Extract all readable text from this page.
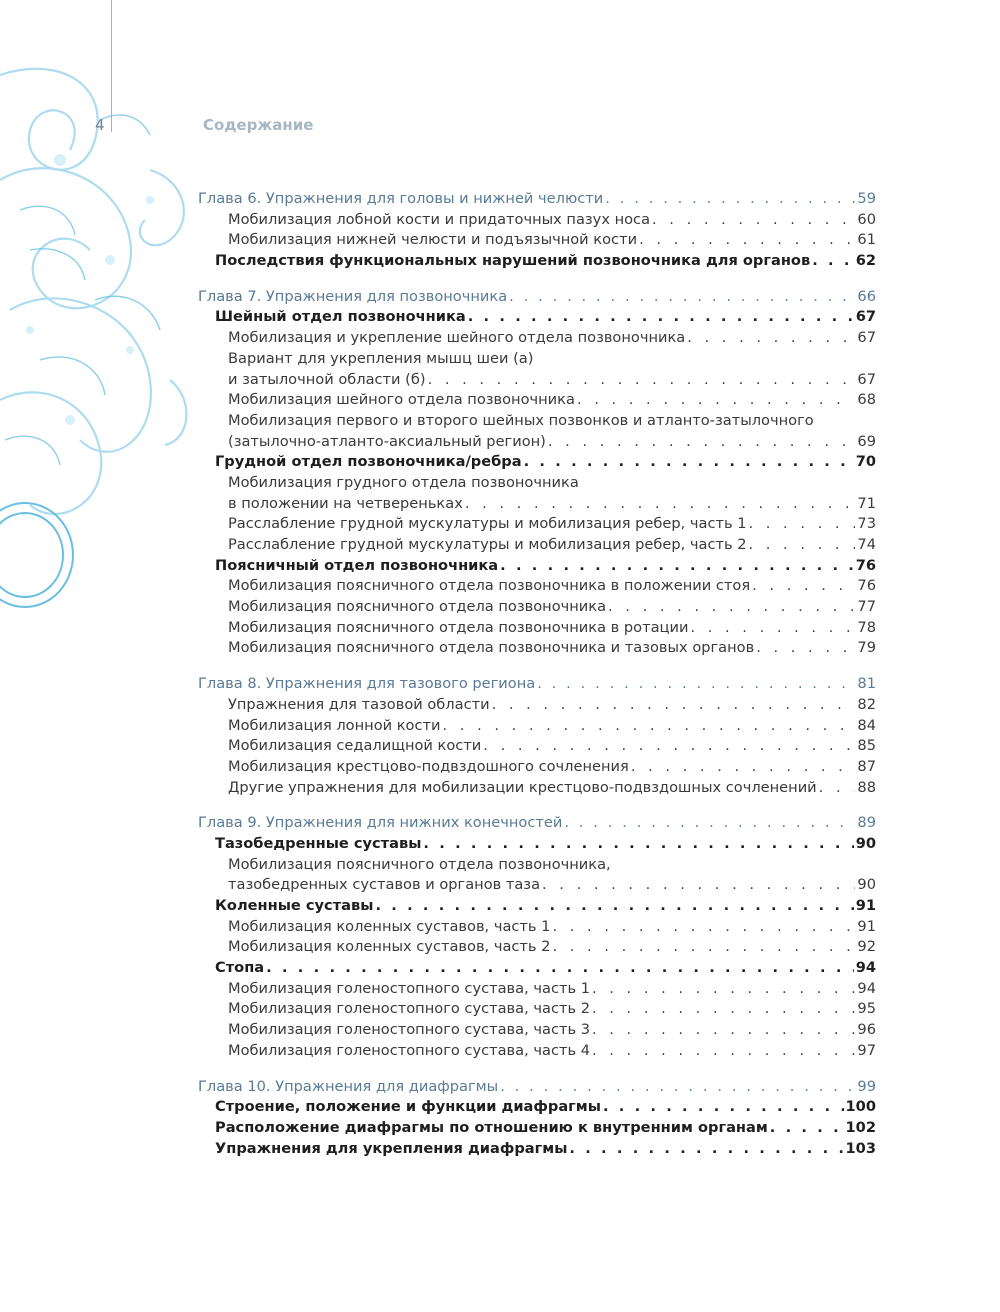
4	Содержание
Глава 6. Упражнения для головы и нижней челюсти . . .	59
Мобилизация лобной кости и придаточных пазух носа . . .	60
Мобилизация нижней челюсти и подъязычной кости . . .	61
Последствия функциональных нарушений позвоночника для органов . . .	62
Глава 7. Упражнения для позвоночника . . .	66
Шейный отдел позвоночника . . .	67
Мобилизация и укрепление шейного отдела позвоночника . . .	67
Вариант для укрепления мышц шеи (а)
и затылочной области (б) . . .	67
Мобилизация шейного отдела позвоночника . . .	68
Мобилизация первого и второго шейных позвонков и атланто-затылочного
(затылочно-атланто-аксиальный регион) . . .	69
Грудной отдел позвоночника/ребра . . .	70
Мобилизация грудного отдела позвоночника
в положении на четвереньках . . .	71
Расслабление грудной мускулатуры и мобилизация ребер, часть 1 . . .	73
Расслабление грудной мускулатуры и мобилизация ребер, часть 2 . . .	74
Поясничный отдел позвоночника . . .	76
Мобилизация поясничного отдела позвоночника в положении стоя . . .	76
Мобилизация поясничного отдела позвоночника . . .	77
Мобилизация поясничного отдела позвоночника в ротации . . .	78
Мобилизация поясничного отдела позвоночника и тазовых органов . . .	79
Глава 8. Упражнения для тазового региона . . .	81
Упражнения для тазовой области . . .	82
Мобилизация лонной кости . . .	84
Мобилизация седалищной кости . . .	85
Мобилизация крестцово-подвздошного сочленения . . .	87
Другие упражнения для мобилизации крестцово-подвздошных сочленений . . .	88
Глава 9. Упражнения для нижних конечностей . . .	89
Тазобедренные суставы . . .	90
Мобилизация поясничного отдела позвоночника,
тазобедренных суставов и органов таза . . .	90
Коленные суставы . . .	91
Мобилизация коленных суставов, часть 1 . . .	91
Мобилизация коленных суставов, часть 2 . . .	92
Стопа . . .	94
Мобилизация голеностопного сустава, часть 1 . . .	94
Мобилизация голеностопного сустава, часть 2 . . .	95
Мобилизация голеностопного сустава, часть 3 . . .	96
Мобилизация голеностопного сустава, часть 4 . . .	97
Глава 10. Упражнения для диафрагмы . . .	99
Строение, положение и функции диафрагмы . . .	100
Расположение диафрагмы по отношению к внутренним органам . . .	102
Упражнения для укрепления диафрагмы . . .	103
